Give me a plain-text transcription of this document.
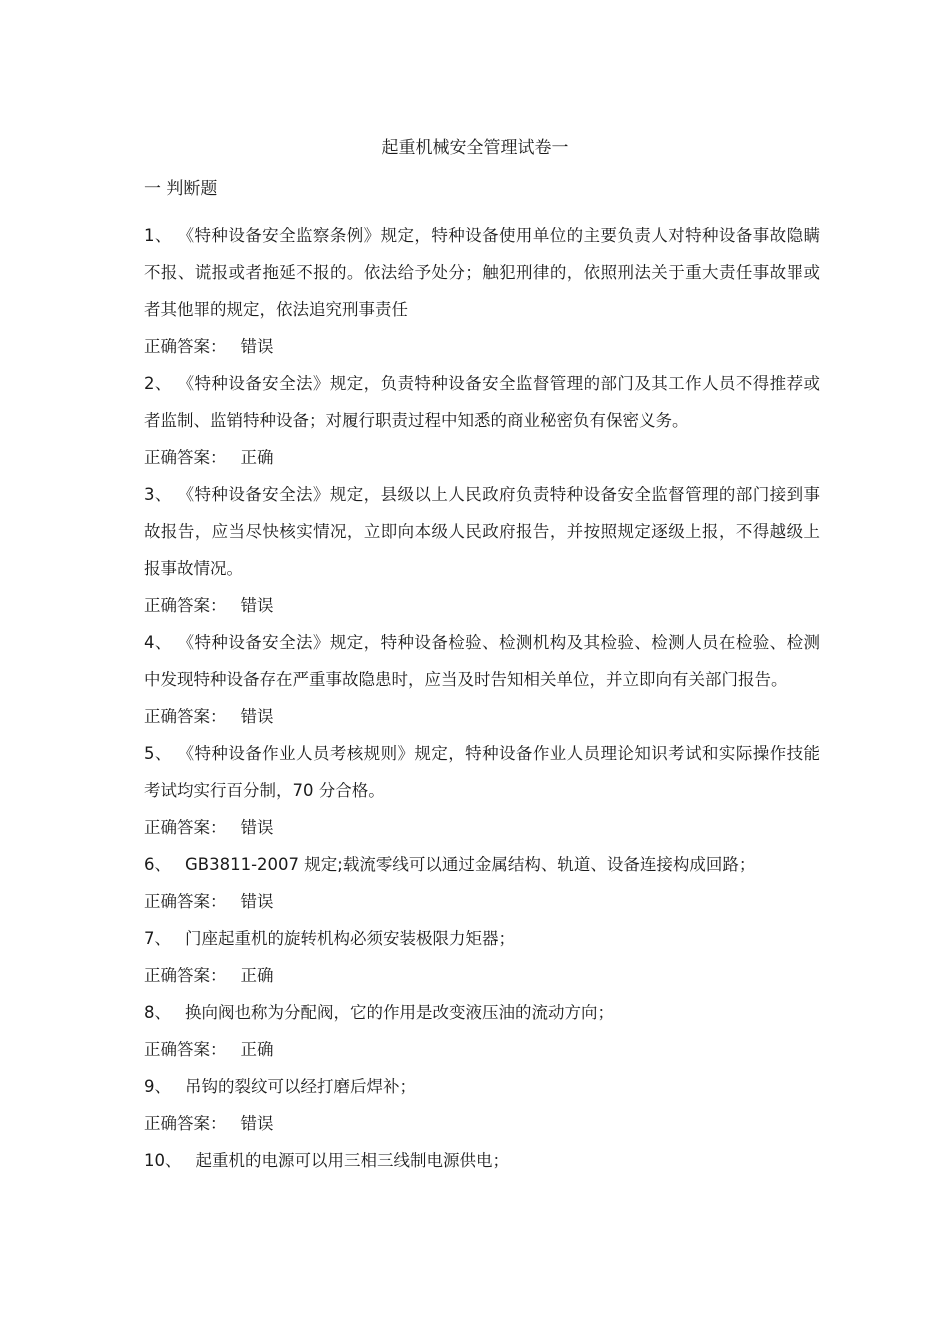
起重机械安全管理试卷一
一 判断题

1、 《特种设备安全监察条例》规定，特种设备使用单位的主要负责人对特种设备事故隐瞒不报、谎报或者拖延不报的。依法给予处分；触犯刑律的，依照刑法关于重大责任事故罪或者其他罪的规定，依法追究刑事责任

正确答案： 错误

2、 《特种设备安全法》规定，负责特种设备安全监督管理的部门及其工作人员不得推荐或者监制、监销特种设备；对履行职责过程中知悉的商业秘密负有保密义务。

正确答案： 正确

3、 《特种设备安全法》规定，县级以上人民政府负责特种设备安全监督管理的部门接到事故报告，应当尽快核实情况，立即向本级人民政府报告，并按照规定逐级上报，不得越级上报事故情况。

正确答案： 错误

4、 《特种设备安全法》规定，特种设备检验、检测机构及其检验、检测人员在检验、检测中发现特种设备存在严重事故隐患时，应当及时告知相关单位，并立即向有关部门报告。

正确答案： 错误

5、 《特种设备作业人员考核规则》规定，特种设备作业人员理论知识考试和实际操作技能考试均实行百分制，70 分合格。

正确答案： 错误

6、 GB3811-2007 规定;载流零线可以通过金属结构、轨道、设备连接构成回路；

正确答案： 错误

7、 门座起重机的旋转机构必须安装极限力矩器；

正确答案： 正确

8、 换向阀也称为分配阀，它的作用是改变液压油的流动方向；

正确答案： 正确

9、 吊钩的裂纹可以经打磨后焊补；

正确答案： 错误

10、 起重机的电源可以用三相三线制电源供电；
